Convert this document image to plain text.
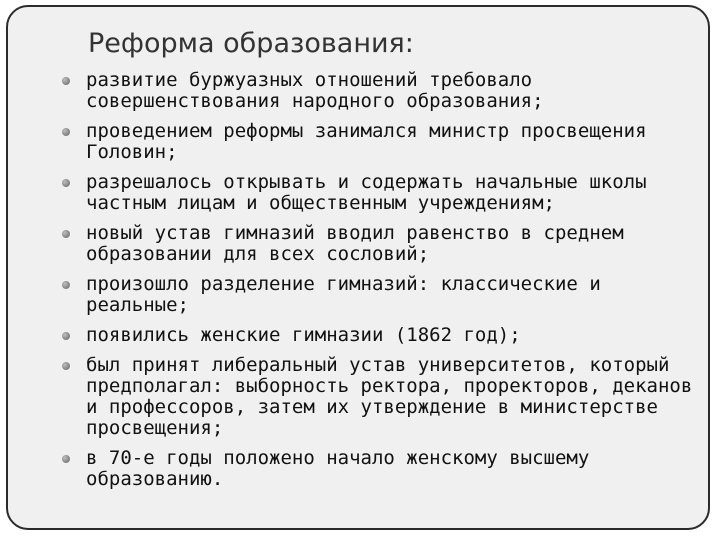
Реформа образования:
развитие буржуазных отношений требовало совершенствования народного образования;
проведением реформы занимался министр просвещения Головин;
разрешалось открывать и содержать начальные школы частным лицам и общественным учреждениям;
новый устав гимназий вводил равенство в среднем образовании для всех сословий;
произошло разделение гимназий: классические и реальные;
появились женские гимназии (1862 год);
был принят либеральный устав университетов, который предполагал: выборность ректора, проректоров, деканов и профессоров, затем их утверждение в министерстве просвещения;
в 70-е годы положено начало женскому высшему образованию.
